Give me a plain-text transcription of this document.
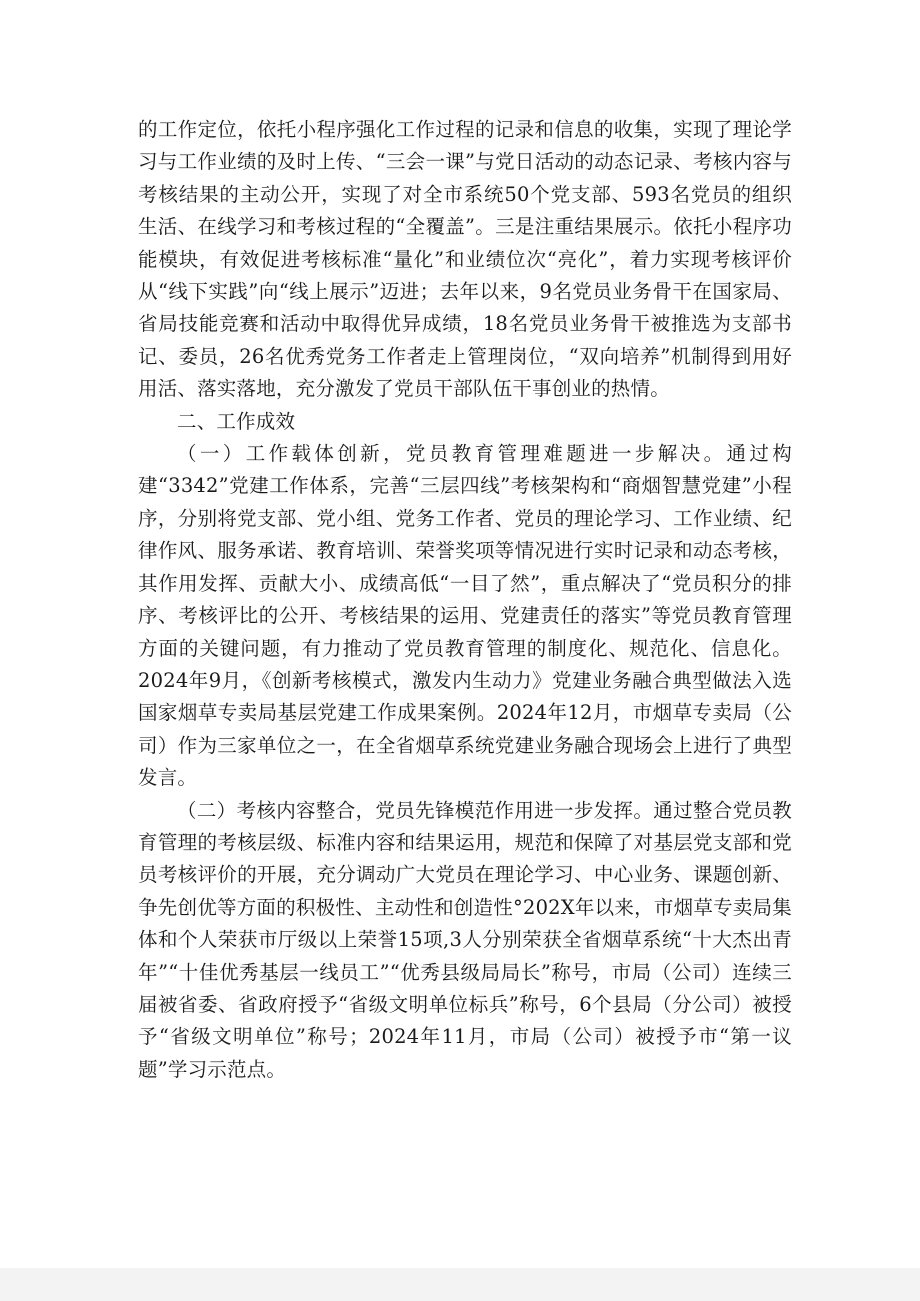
的工作定位，依托小程序强化工作过程的记录和信息的收集，实现了理论学习与工作业绩的及时上传、“三会一课”与党日活动的动态记录、考核内容与考核结果的主动公开，实现了对全市系统50个党支部、593名党员的组织生活、在线学习和考核过程的“全覆盖”。三是注重结果展示。依托小程序功能模块，有效促进考核标准“量化”和业绩位次“亮化”，着力实现考核评价从“线下实践”向“线上展示”迈进；去年以来，9名党员业务骨干在国家局、省局技能竞赛和活动中取得优异成绩，18名党员业务骨干被推选为支部书记、委员，26名优秀党务工作者走上管理岗位，“双向培养”机制得到用好用活、落实落地，充分激发了党员干部队伍干事创业的热情。

二、工作成效

（一）工作载体创新，党员教育管理难题进一步解决。通过构建“3342”党建工作体系，完善“三层四线”考核架构和“商烟智慧党建”小程序，分别将党支部、党小组、党务工作者、党员的理论学习、工作业绩、纪律作风、服务承诺、教育培训、荣誉奖项等情况进行实时记录和动态考核，其作用发挥、贡献大小、成绩高低“一目了然”，重点解决了“党员积分的排序、考核评比的公开、考核结果的运用、党建责任的落实”等党员教育管理方面的关键问题，有力推动了党员教育管理的制度化、规范化、信息化。2024年9月，《创新考核模式，激发内生动力》党建业务融合典型做法入选国家烟草专卖局基层党建工作成果案例。2024年12月，市烟草专卖局（公司）作为三家单位之一，在全省烟草系统党建业务融合现场会上进行了典型发言。

（二）考核内容整合，党员先锋模范作用进一步发挥。通过整合党员教育管理的考核层级、标准内容和结果运用，规范和保障了对基层党支部和党员考核评价的开展，充分调动广大党员在理论学习、中心业务、课题创新、争先创优等方面的积极性、主动性和创造性°202X年以来，市烟草专卖局集体和个人荣获市厅级以上荣誉15项,3人分别荣获全省烟草系统“十大杰出青年”“十佳优秀基层一线员工”“优秀县级局局长”称号，市局（公司）连续三届被省委、省政府授予“省级文明单位标兵”称号，6个县局（分公司）被授予“省级文明单位”称号；2024年11月，市局（公司）被授予市“第一议题”学习示范点。
